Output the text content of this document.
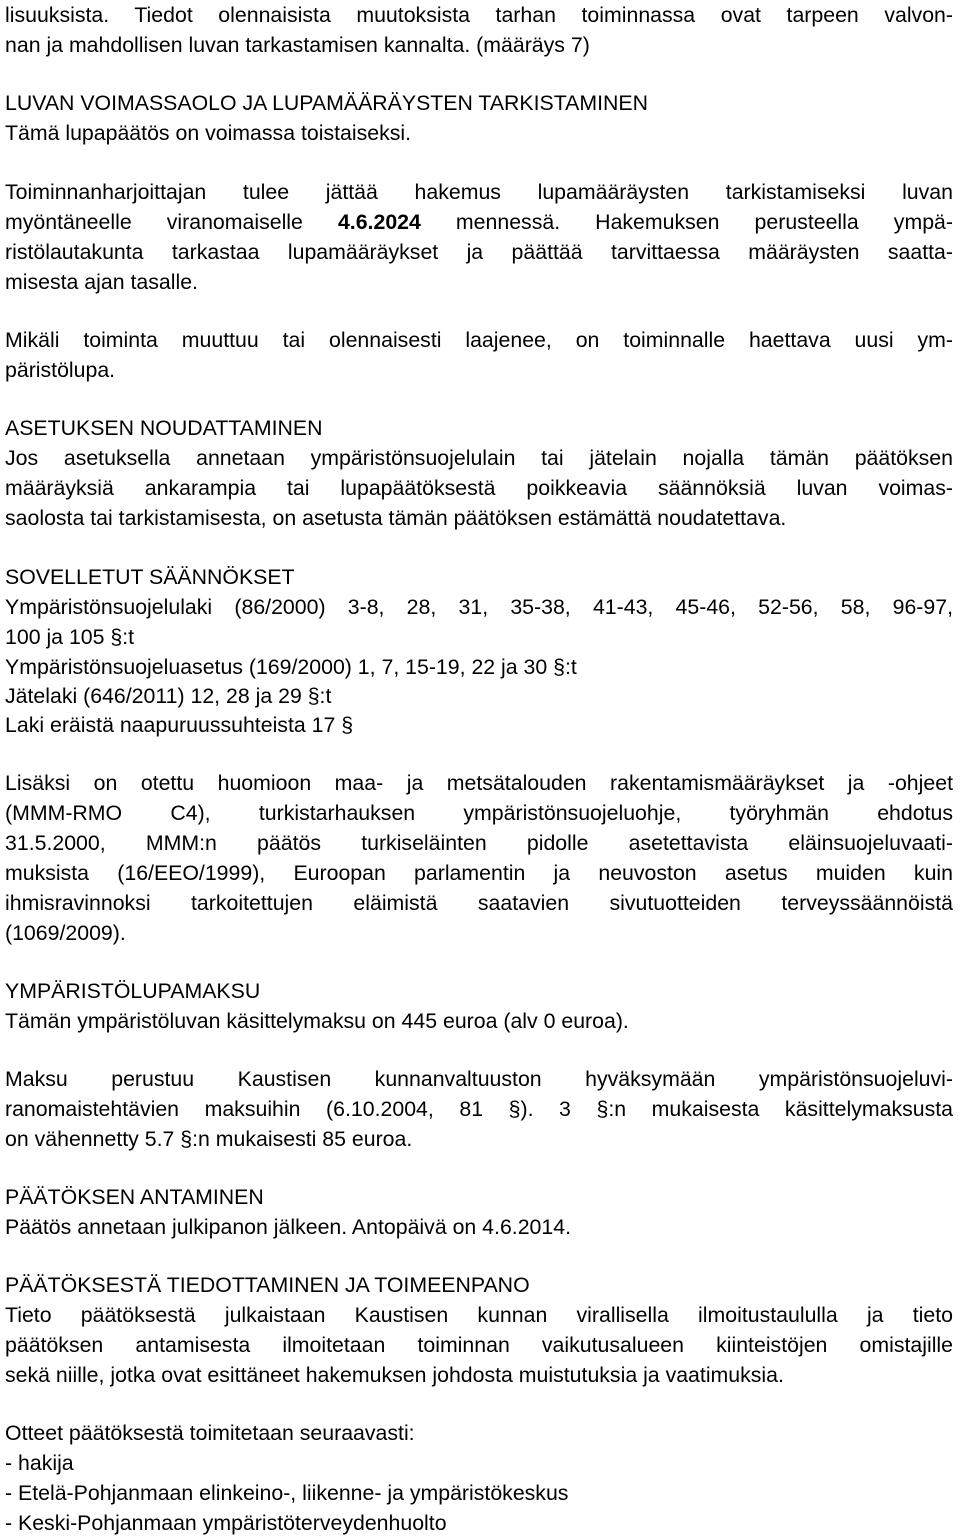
lisuuksista. Tiedot olennaisista muutoksista tarhan toiminnassa ovat tarpeen valvon-
nan ja mahdollisen luvan tarkastamisen kannalta. (määräys 7)
LUVAN VOIMASSAOLO JA LUPAMÄÄRÄYSTEN TARKISTAMINEN
Tämä lupapäätös on voimassa toistaiseksi.
Toiminnanharjoittajan tulee jättää hakemus lupamääräysten tarkistamiseksi luvan
myöntäneelle viranomaiselle 4.6.2024 mennessä. Hakemuksen perusteella ympä-
ristölautakunta tarkastaa lupamääräykset ja päättää tarvittaessa määräysten saatta-
misesta ajan tasalle.
Mikäli toiminta muuttuu tai olennaisesti laajenee, on toiminnalle haettava uusi ym-
päristölupa.
ASETUKSEN NOUDATTAMINEN
Jos asetuksella annetaan ympäristönsuojelulain tai jätelain nojalla tämän päätöksen
määräyksiä ankarampia tai lupapäätöksestä poikkeavia säännöksiä luvan voimas-
saolosta tai tarkistamisesta, on asetusta tämän päätöksen estämättä noudatettava.
SOVELLETUT SÄÄNNÖKSET
Ympäristönsuojelulaki (86/2000) 3-8, 28, 31, 35-38, 41-43, 45-46, 52-56, 58, 96-97,
100 ja 105 §:t
Ympäristönsuojeluasetus (169/2000) 1, 7, 15-19, 22 ja 30 §:t
Jätelaki (646/2011) 12, 28 ja 29 §:t
Laki eräistä naapuruussuhteista 17 §
Lisäksi on otettu huomioon maa- ja metsätalouden rakentamismääräykset ja -ohjeet
(MMM-RMO C4), turkistarhauksen ympäristönsuojeluohje, työryhmän ehdotus
31.5.2000, MMM:n päätös turkiseläinten pidolle asetettavista eläinsuojeluvaati-
muksista (16/EEO/1999), Euroopan parlamentin ja neuvoston asetus muiden kuin
ihmisravinnoksi tarkoitettujen eläimistä saatavien sivutuotteiden terveyssäännöistä
(1069/2009).
YMPÄRISTÖLUPAMAKSU
Tämän ympäristöluvan käsittelymaksu on 445 euroa (alv 0 euroa).
Maksu perustuu Kaustisen kunnanvaltuuston hyväksymään ympäristönsuojeluvi-
ranomaistehtävien maksuihin (6.10.2004, 81 §). 3 §:n mukaisesta käsittelymaksusta
on vähennetty 5.7 §:n mukaisesti 85 euroa.
PÄÄTÖKSEN ANTAMINEN
Päätös annetaan julkipanon jälkeen. Antopäivä on 4.6.2014.
PÄÄTÖKSESTÄ TIEDOTTAMINEN JA TOIMEENPANO
Tieto päätöksestä julkaistaan Kaustisen kunnan virallisella ilmoitustaululla ja tieto
päätöksen antamisesta ilmoitetaan toiminnan vaikutusalueen kiinteistöjen omistajille
sekä niille, jotka ovat esittäneet hakemuksen johdosta muistutuksia ja vaatimuksia.
Otteet päätöksestä toimitetaan seuraavasti:
- hakija
- Etelä-Pohjanmaan elinkeino-, liikenne- ja ympäristökeskus
- Keski-Pohjanmaan ympäristöterveydenhuolto
